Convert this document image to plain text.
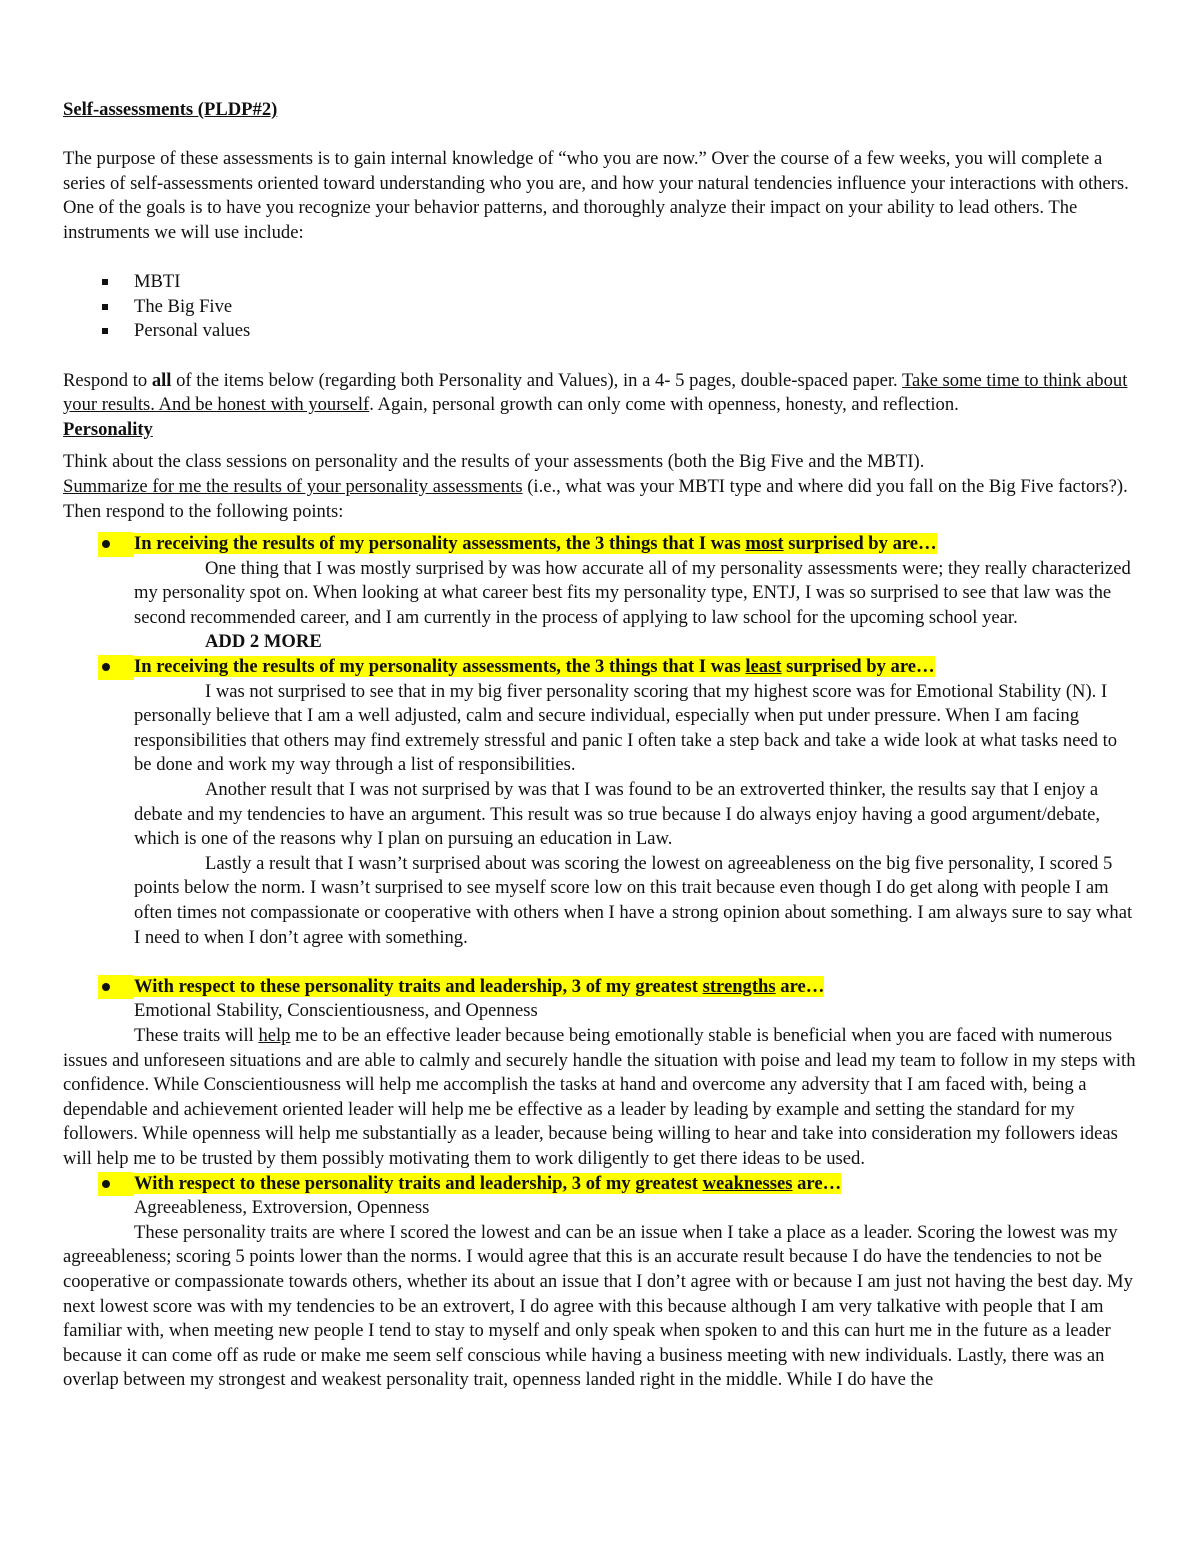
Self-assessments (PLDP#2)

The purpose of these assessments is to gain internal knowledge of “who you are now.” Over the course of a few weeks, you will complete a series of self-assessments oriented toward understanding who you are, and how your natural tendencies influence your interactions with others. One of the goals is to have you recognize your behavior patterns, and thoroughly analyze their impact on your ability to lead others. The instruments we will use include:

MBTI
The Big Five
Personal values

Respond to all of the items below (regarding both Personality and Values), in a 4- 5 pages, double-spaced paper. Take some time to think about your results. And be honest with yourself. Again, personal growth can only come with openness, honesty, and reflection.

Personality

Think about the class sessions on personality and the results of your assessments (both the Big Five and the MBTI).

Summarize for me the results of your personality assessments (i.e., what was your MBTI type and where did you fall on the Big Five factors?). Then respond to the following points:

In receiving the results of my personality assessments, the 3 things that I was most surprised by are…

One thing that I was mostly surprised by was how accurate all of my personality assessments were; they really characterized my personality spot on. When looking at what career best fits my personality type, ENTJ, I was so surprised to see that law was the second recommended career, and I am currently in the process of applying to law school for the upcoming school year.

ADD 2 MORE

In receiving the results of my personality assessments, the 3 things that I was least surprised by are…

I was not surprised to see that in my big fiver personality scoring that my highest score was for Emotional Stability (N). I personally believe that I am a well adjusted, calm and secure individual, especially when put under pressure. When I am facing responsibilities that others may find extremely stressful and panic I often take a step back and take a wide look at what tasks need to be done and work my way through a list of responsibilities.

Another result that I was not surprised by was that I was found to be an extroverted thinker, the results say that I enjoy a debate and my tendencies to have an argument. This result was so true because I do always enjoy having a good argument/debate, which is one of the reasons why I plan on pursuing an education in Law.

Lastly a result that I wasn’t surprised about was scoring the lowest on agreeableness on the big five personality, I scored 5 points below the norm. I wasn’t surprised to see myself score low on this trait because even though I do get along with people I am often times not compassionate or cooperative with others when I have a strong opinion about something. I am always sure to say what I need to when I don’t agree with something.

With respect to these personality traits and leadership, 3 of my greatest strengths are…

Emotional Stability, Conscientiousness, and Openness

These traits will help me to be an effective leader because being emotionally stable is beneficial when you are faced with numerous issues and unforeseen situations and are able to calmly and securely handle the situation with poise and lead my team to follow in my steps with confidence. While Conscientiousness will help me accomplish the tasks at hand and overcome any adversity that I am faced with, being a dependable and achievement oriented leader will help me be effective as a leader by leading by example and setting the standard for my followers. While openness will help me substantially as a leader, because being willing to hear and take into consideration my followers ideas will help me to be trusted by them possibly motivating them to work diligently to get there ideas to be used.

With respect to these personality traits and leadership, 3 of my greatest weaknesses are…

Agreeableness, Extroversion, Openness

These personality traits are where I scored the lowest and can be an issue when I take a place as a leader. Scoring the lowest was my agreeableness; scoring 5 points lower than the norms. I would agree that this is an accurate result because I do have the tendencies to not be cooperative or compassionate towards others, whether its about an issue that I don’t agree with or because I am just not having the best day. My next lowest score was with my tendencies to be an extrovert, I do agree with this because although I am very talkative with people that I am familiar with, when meeting new people I tend to stay to myself and only speak when spoken to and this can hurt me in the future as a leader because it can come off as rude or make me seem self conscious while having a business meeting with new individuals. Lastly, there was an overlap between my strongest and weakest personality trait, openness landed right in the middle. While I do have the
